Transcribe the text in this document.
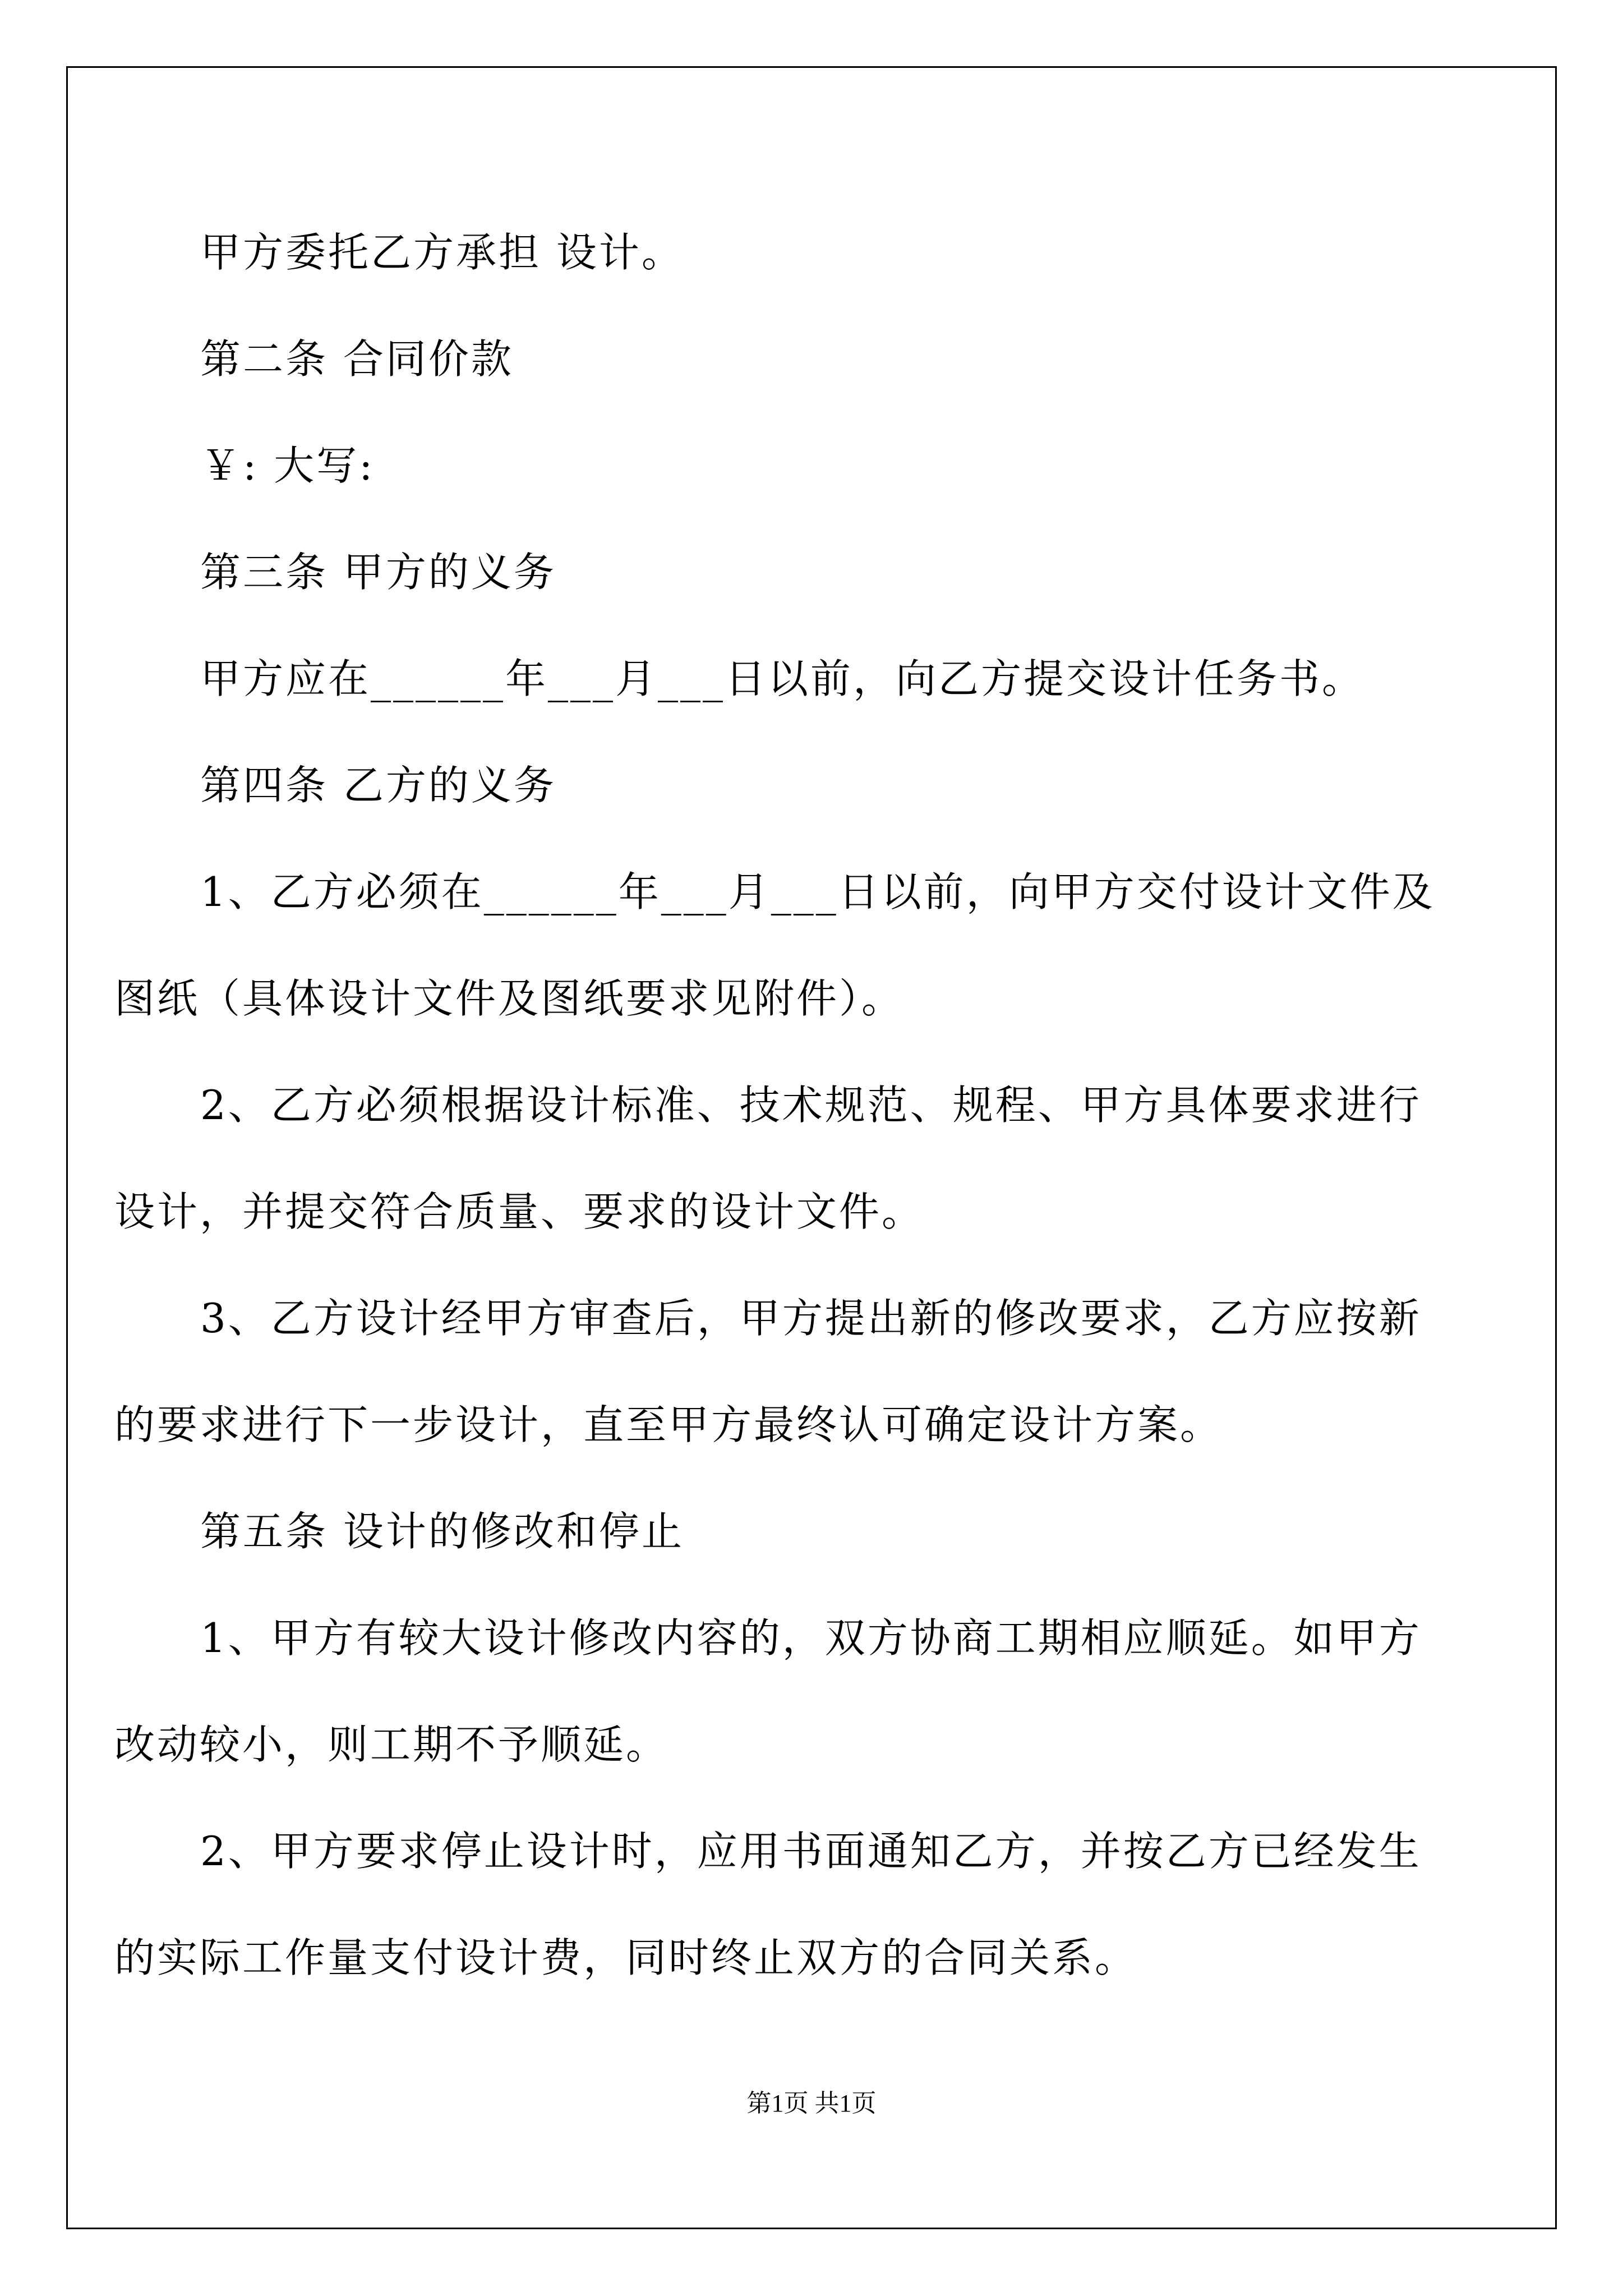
甲方委托乙方承担 设计。
第二条 合同价款
￥: 大写:
第三条 甲方的义务
甲方应在______年___月___日以前，向乙方提交设计任务书。
第四条 乙方的义务
1、乙方必须在______年___月___日以前，向甲方交付设计文件及
图纸（具体设计文件及图纸要求见附件）。
2、乙方必须根据设计标准、技术规范、规程、甲方具体要求进行
设计，并提交符合质量、要求的设计文件。
3、乙方设计经甲方审查后，甲方提出新的修改要求，乙方应按新
的要求进行下一步设计，直至甲方最终认可确定设计方案。
第五条 设计的修改和停止
1、甲方有较大设计修改内容的，双方协商工期相应顺延。如甲方
改动较小，则工期不予顺延。
2、甲方要求停止设计时，应用书面通知乙方，并按乙方已经发生
的实际工作量支付设计费，同时终止双方的合同关系。
第1页 共1页
